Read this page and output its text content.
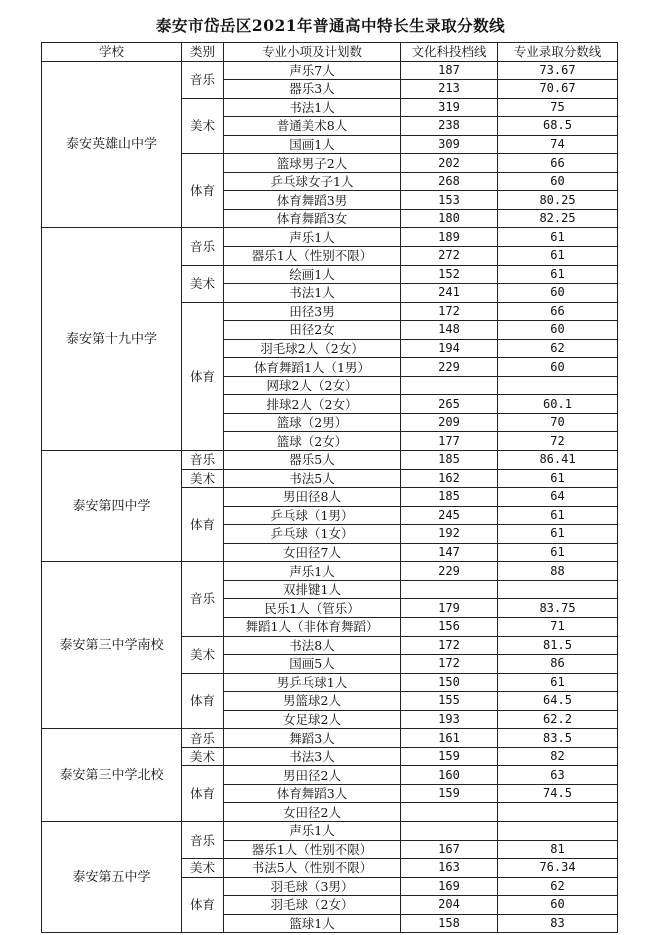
泰安市岱岳区2021年普通高中特长生录取分数线
学校	类别	专业小项及计划数	文化科投档线	专业录取分数线
泰安英雄山中学	音乐	声乐7人	187	73.67
		器乐3人	213	70.67
	美术	书法1人	319	75
		普通美术8人	238	68.5
		国画1人	309	74
	体育	篮球男子2人	202	66
		乒乓球女子1人	268	60
		体育舞蹈3男	153	80.25
		体育舞蹈3女	180	82.25
泰安第十九中学	音乐	声乐1人	189	61
		器乐1人（性别不限）	272	61
	美术	绘画1人	152	61
		书法1人	241	60
	体育	田径3男	172	66
		田径2女	148	60
		羽毛球2人（2女）	194	62
		体育舞蹈1人（1男）	229	60
		网球2人（2女）		
		排球2人（2女）	265	60.1
		篮球（2男）	209	70
		篮球（2女）	177	72
泰安第四中学	音乐	器乐5人	185	86.41
	美术	书法5人	162	61
	体育	男田径8人	185	64
		乒乓球（1男）	245	61
		乒乓球（1女）	192	61
		女田径7人	147	61
泰安第三中学南校	音乐	声乐1人	229	88
		双排键1人		
		民乐1人（管乐）	179	83.75
		舞蹈1人（非体育舞蹈）	156	71
	美术	书法8人	172	81.5
		国画5人	172	86
	体育	男乒乓球1人	150	61
		男篮球2人	155	64.5
		女足球2人	193	62.2
泰安第三中学北校	音乐	舞蹈3人	161	83.5
	美术	书法3人	159	82
	体育	男田径2人	160	63
		体育舞蹈3人	159	74.5
		女田径2人		
泰安第五中学	音乐	声乐1人		
		器乐1人（性别不限）	167	81
	美术	书法5人（性别不限）	163	76.34
	体育	羽毛球（3男）	169	62
		羽毛球（2女）	204	60
		篮球1人	158	83
